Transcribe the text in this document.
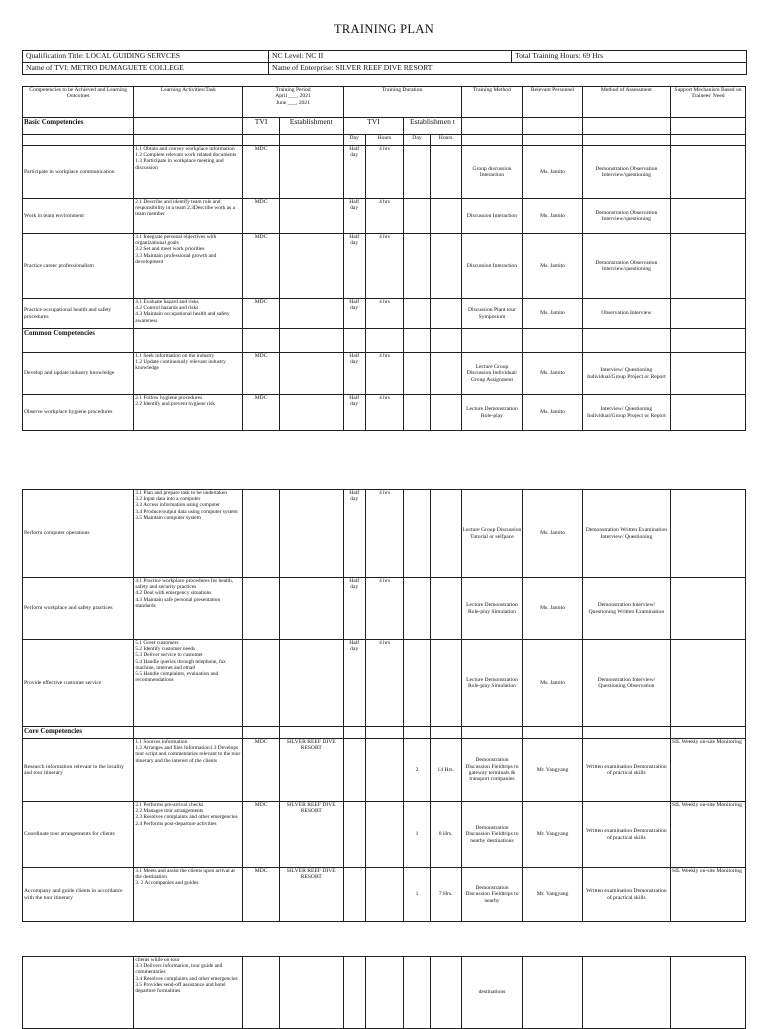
TRAINING PLAN
Qualification Title: LOCAL GUIDING SERVCES	NC Level: NC II	Total Training Hours: 69 Hrs
Name of TVI: METRO DUMAGUETE COLLEGE	Name of Enterprise: SILVER REEF DIVE RESORT	
Competencies to be Achieved and Learning Outcomes	Learning Activities/Task	Training Period
April ___, 2021
June ___, 2021		Training Duration				Training Method	Relevant Personnel	Method of Assessment	Support Mechanism Based on Trainees' Need
Basic Competencies		TVI	Establishment	TVI		Establishmen t					
				Day	Hours	Day	Hours				
Participate in workplace communication	1.1 Obtain and convey workplace information
1.2 Complete relevant work related documents
1.3 Participate in workplace meeting and discussion	MDC		Half day	4 hrs			Group discussion Interaction	Ms. Jamito	Demonstration Observation Interview/questioning	
Work in team environment	2.1 Describe and identify team role and responsibility in a team 2.3Describe work as a team member	MDC		Half day	4 hrs			Discussion Interaction	Ms. Jamito	Demonstration Observation Interview/questioning	
Practice career professionalism	3.1 Integrate personal objectives with organizational goals
3.2 Set and meet work priorities
3.3 Maintain professional growth and development	MDC		Half day	4 hrs			Discussion Interaction	Ms. Jamito	Demonstration Observation Interview/questioning	
Practice occupational health and safety procedures	4.1 Evaluate hazard and risks
4.2 Control hazards and risks
4.3 Maintain occupational health and safety awareness	MDC		Half day	4 hrs			Discussion Plant tour Symposium	Ms. Jamito	Observation Interview	
Common Competencies											
Develop and update industry knowledge	1.1 Seek information on the industry
1.2 Update continuously relevant industry knowledge	MDC		Half day	4 hrs			Lecture Group Discussion Individual/ Group Assignment	Ms. Jamito	Interview/ Questioning Individual/Group Project or Report	
Observe workplace hygiene procedures	2.1 Follow hygiene procedures
2.2 Identify and prevent hygiene risk	MDC		Half day	4 hrs			Lecture Demonstration Role-play	Ms. Jamito	Interview/ Questioning Individual/Group Project or Report	
Perform computer operations	3.1 Plan and prepare task to be undertaken
3.2 Input data into a computer
3.3 Access information using computer
3.4 Produce/output data using computer system
3.5 Maintain computer system			Half day	4 hrs			Lecture Group Discussion Tutorial or selfpace	Ms. Jamito	Demonstration Written Examination Interview/ Questioning	
Perform workplace and safety practices	4.1 Practice workplace procedures for health, safety and security practices
4.2 Deal with emergency situations
4.3 Maintain safe personal presentation standards			Half day	4 hrs			Lecture Demonstration Role-play Simulation	Ms. Jamito	Demonstration Interview/ Questioning Written Examination	
Provide effective customer service	5.1 Greet customers
5.2 Identify customer needs
5.3 Deliver service to customer
5.4 Handle queries through telephone, fax machine, internet and email
5.5 Handle complaints, evaluation and recommendations			Half day	4 hrs			Lecture Demonstration Role-play Simulation	Ms. Jamito	Demonstration Interview/ Questioning Observation	
Core Competencies											
Research information relevant to the locality and tour itinerary	1.1 Sources information
1.2 Arranges and files Information1.3 Develops tour script and commentaries relevant to the tour itinerary and the interest of the clients	MDC	SILVER REEF DIVE RESORT			2	14 Hrs.	Demonstration Discussion Fieldtrips to gateway terminals & transport companies	Mr. Yangyang	Written examination Demonstration of practical skills	SIL Weekly on-site Monitoring
Coordinate tour arrangements for clients	2.1 Performs pre-arrival checks
2.2 Manages tour arrangements
2.3 Resolves complaints and other emergencies
2.4 Performs post-departure activities	MDC	SILVER REEF DIVE RESORT			1	8 Hrs.	Demonstration Discussion Fieldtrips to nearby destinations	Mr. Yangyang	Written examination Demonstration of practical skills	SIL Weekly on-site Monitoring
Accompany and guide clients in accordance with the tour itinerary	3.1 Meets and assist the clients upon arrival at the destination
3. 2 Accompanies and guides	MDC	SILVER REEF DIVE RESORT			1	7 Hrs.	Demonstration Discussion Fieldtrips to nearby	Mr. Yangyang	Written examination Demonstration of practical skills	SIL Weekly on-site Monitoring
	clients while on tour
3.3 Delivers information, tour guide and commentaries
3.4 Resolves complaints and other emergencies
3.5 Provides send-off assistance and hotel departure formalities							destinations			
